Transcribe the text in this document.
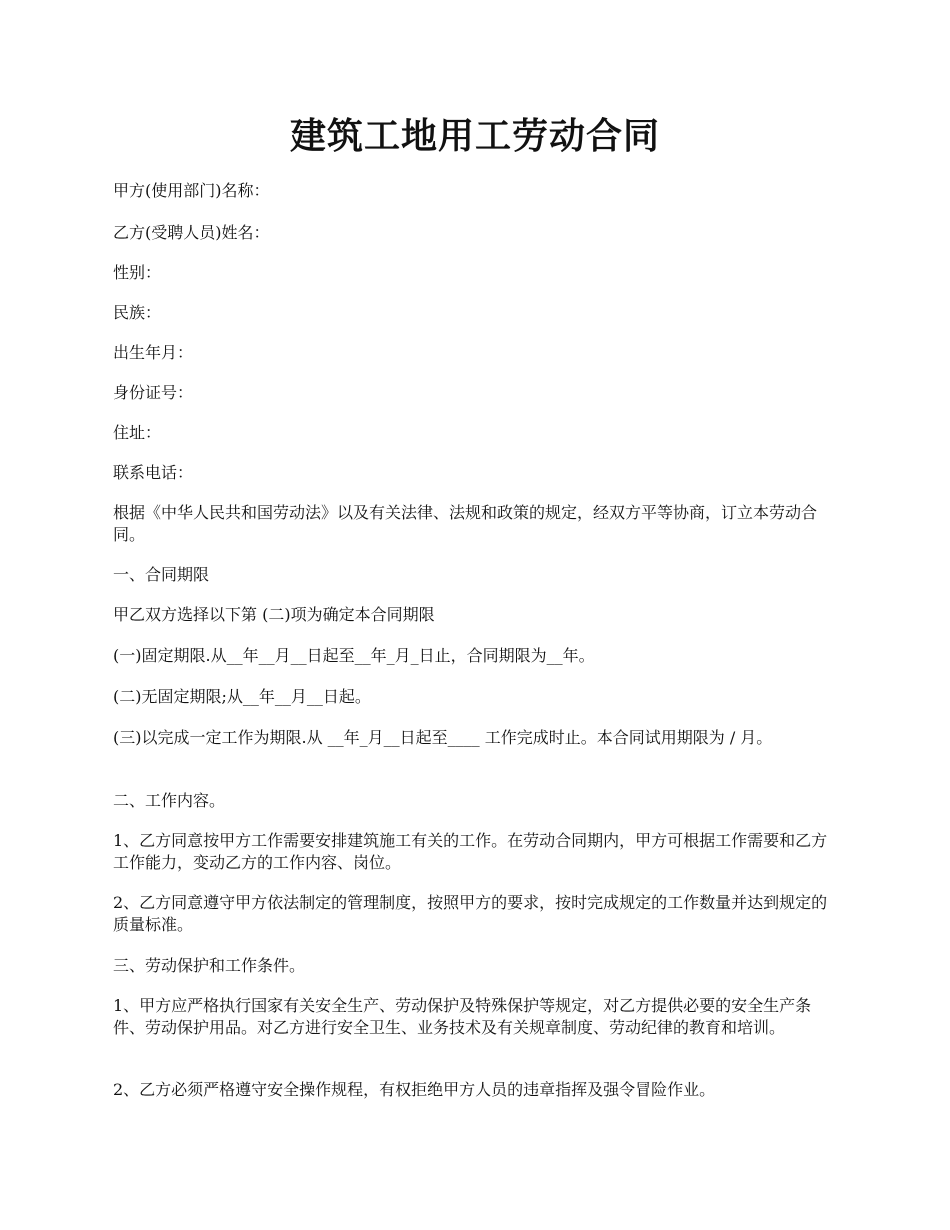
建筑工地用工劳动合同

甲方(使用部门)名称：

乙方(受聘人员)姓名：

性别：

民族：

出生年月：

身份证号：

住址：

联系电话：

根据《中华人民共和国劳动法》以及有关法律、法规和政策的规定，经双方平等协商，订立本劳动合同。

一、合同期限

甲乙双方选择以下第 (二)项为确定本合同期限

(一)固定期限.从__年__月__日起至__年_月_日止，合同期限为__年。

(二)无固定期限;从__年__月__日起。

(三)以完成一定工作为期限.从 __年_月__日起至____ 工作完成时止。本合同试用期限为 / 月。

二、工作内容。

1、乙方同意按甲方工作需要安排建筑施工有关的工作。在劳动合同期内，甲方可根据工作需要和乙方工作能力，变动乙方的工作内容、岗位。

2、乙方同意遵守甲方依法制定的管理制度，按照甲方的要求，按时完成规定的工作数量并达到规定的质量标准。

三、劳动保护和工作条件。

1、甲方应严格执行国家有关安全生产、劳动保护及特殊保护等规定，对乙方提供必要的安全生产条件、劳动保护用品。对乙方进行安全卫生、业务技术及有关规章制度、劳动纪律的教育和培训。

2、乙方必须严格遵守安全操作规程，有权拒绝甲方人员的违章指挥及强令冒险作业。
